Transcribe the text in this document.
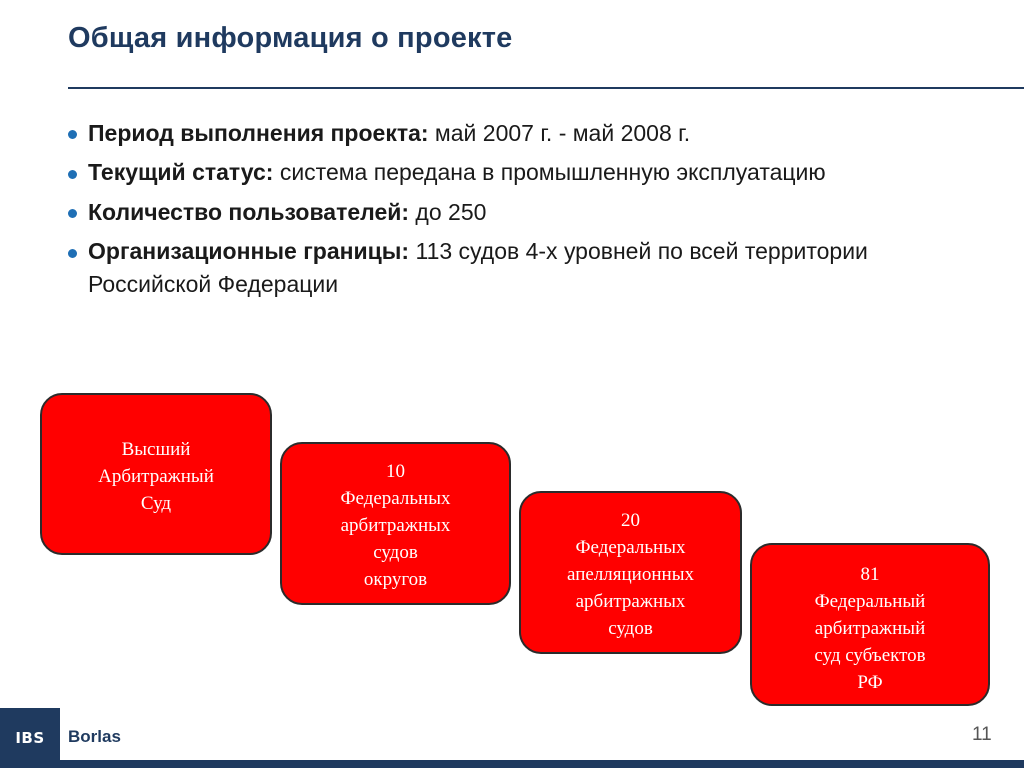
Общая информация о проекте
Период выполнения проекта: май 2007 г. - май 2008 г.
Текущий статус: система передана в промышленную эксплуатацию
Количество пользователей: до 250
Организационные границы: 113 судов 4-х уровней по всей территории Российской Федерации
Высший
Арбитражный
Суд
10
Федеральных
арбитражных
судов
округов
20
Федеральных
апелляционных
арбитражных
судов
81
Федеральный
арбитражный
суд субъектов
РФ
IBS	Borlas	11
